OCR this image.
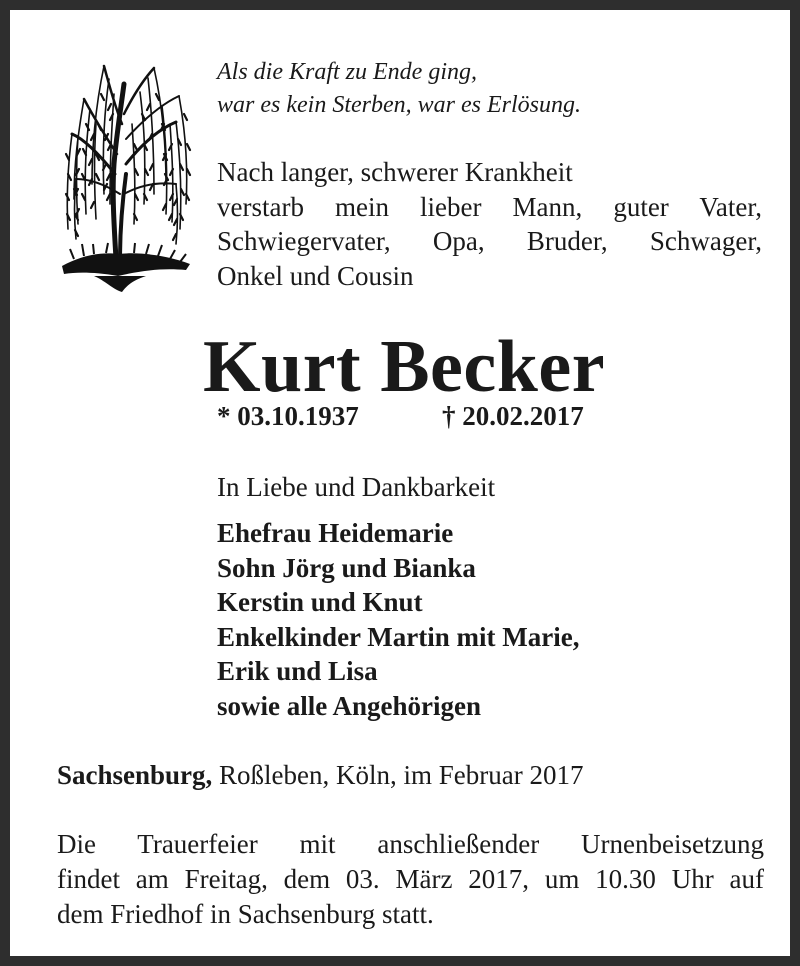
Als die Kraft zu Ende ging,
war es kein Sterben, war es Erlösung.
Nach langer, schwerer Krankheit
verstarb mein lieber Mann, guter Vater,
Schwiegervater, Opa, Bruder, Schwager,
Onkel und Cousin
Kurt Becker
* 03.10.1937	† 20.02.2017
In Liebe und Dankbarkeit
Ehefrau Heidemarie
Sohn Jörg und Bianka
Kerstin und Knut
Enkelkinder Martin mit Marie,
Erik und Lisa
sowie alle Angehörigen
Sachsenburg, Roßleben, Köln, im Februar 2017
Die Trauerfeier mit anschließender Urnenbeisetzung
findet am Freitag, dem 03. März 2017, um 10.30 Uhr auf
dem Friedhof in Sachsenburg statt.
